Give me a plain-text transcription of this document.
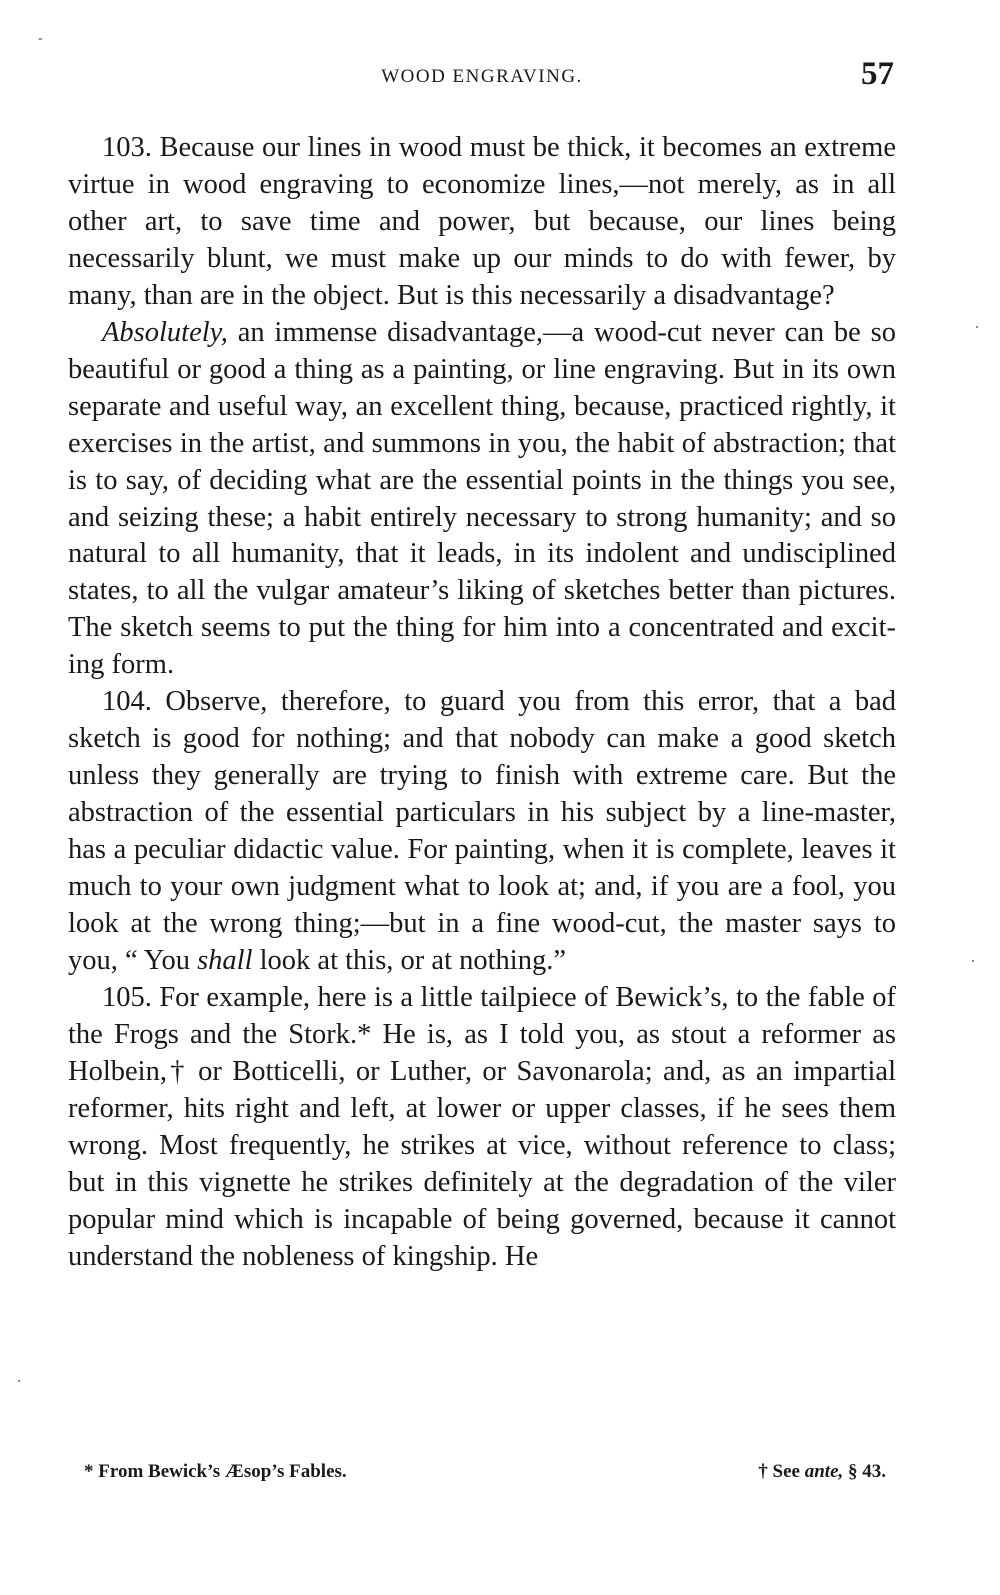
-
WOOD ENGRAVING.	57

103. Because our lines in wood must be thick, it becomes an extreme virtue in wood engraving to economize lines,—not merely, as in all other art, to save time and power, but because, our lines being necessarily blunt, we must make up our minds to do with fewer, by many, than are in the object. But is this necessarily a disadvantage?

Absolutely, an immense disadvantage,—a wood-cut never can be so beautiful or good a thing as a painting, or line engraving. But in its own separate and useful way, an excellent thing, because, practiced rightly, it exercises in the artist, and summons in you, the habit of abstraction; that is to say, of deciding what are the essential points in the things you see, and seizing these; a habit entirely necessary to strong humanity; and so natural to all humanity, that it leads, in its indolent and undisciplined states, to all the vulgar amateur’s liking of sketches better than pictures. The sketch seems to put the thing for him into a concentrated and excit-ing form.

104. Observe, therefore, to guard you from this error, that a bad sketch is good for nothing; and that nobody can make a good sketch unless they generally are trying to finish with extreme care. But the abstraction of the essential particulars in his subject by a line-master, has a peculiar didactic value. For painting, when it is complete, leaves it much to your own judgment what to look at; and, if you are a fool, you look at the wrong thing;—but in a fine wood-cut, the master says to you, “ You shall look at this, or at nothing.”

105. For example, here is a little tailpiece of Bewick’s, to the fable of the Frogs and the Stork.* He is, as I told you, as stout a reformer as Holbein,† or Botticelli, or Luther, or Savonarola; and, as an impartial reformer, hits right and left, at lower or upper classes, if he sees them wrong. Most frequently, he strikes at vice, without reference to class; but in this vignette he strikes definitely at the degradation of the viler popular mind which is incapable of being governed, because it cannot understand the nobleness of kingship. He

* From Bewick’s Æsop’s Fables.	† See ante, § 43.
